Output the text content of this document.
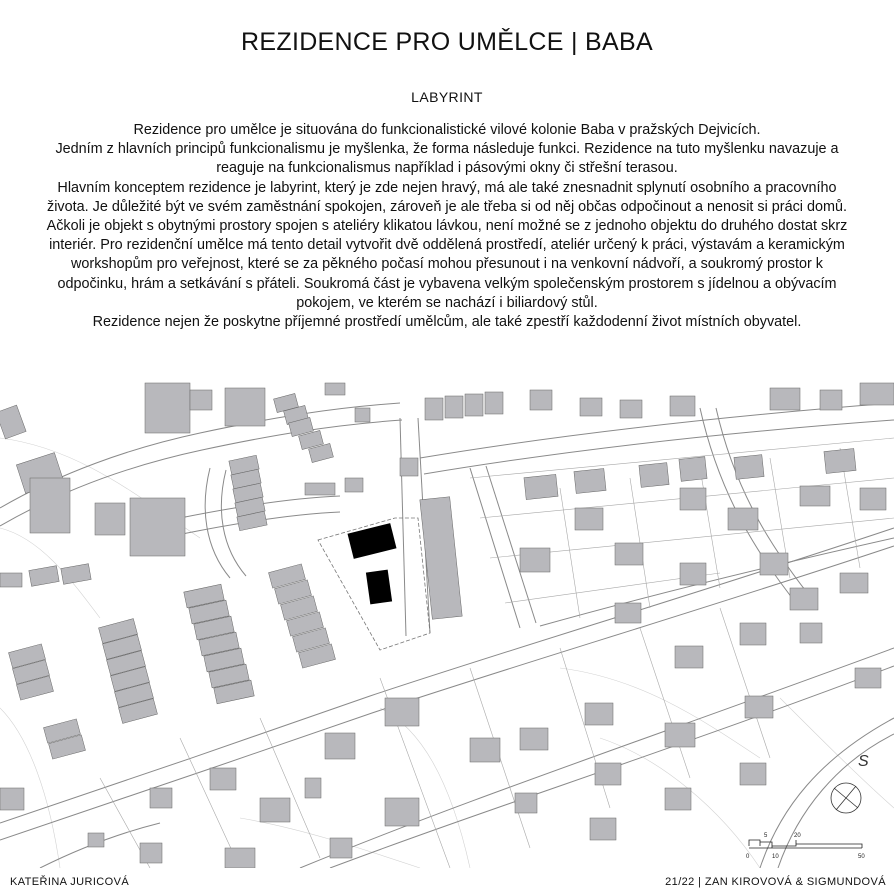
REZIDENCE PRO UMĚLCE | BABA
LABYRINT

Rezidence pro umělce je situována do funkcionalistické vilové kolonie Baba v pražských Dejvicích.

Jedním z hlavních principů funkcionalismu je myšlenka, že forma následuje funkci. Rezidence na tuto myšlenku navazuje a reaguje na funkcionalismus například i pásovými okny či střešní terasou.

Hlavním konceptem rezidence je labyrint, který je zde nejen hravý, má ale také znesnadnit splynutí osobního a pracovního života. Je důležité být ve svém zaměstnání spokojen, zároveň je ale třeba si od něj občas odpočinout a nenosit si práci domů. Ačkoli je objekt s obytnými prostory spojen s ateliéry klikatou lávkou, není možné se z jednoho objektu do druhého dostat skrz interiér. Pro rezidenční umělce má tento detail vytvořit dvě oddělená prostředí, ateliér určený k práci, výstavám a keramickým workshopům pro veřejnost, které se za pěkného počasí mohou přesunout i na venkovní nádvoří, a soukromý prostor k odpočinku, hrám a setkávání s přáteli. Soukromá část je vybavena velkým společenským prostorem s jídelnou a obývacím pokojem, ve kterém se nachází i biliardový stůl.

Rezidence nejen že poskytne příjemné prostředí umělcům, ale také zpestří každodenní život místních obyvatel.

S
0
5
10
20
50
KATEŘINA JURICOVÁ	21/22 | ZAN KIROVOVÁ & SIGMUNDOVÁ
